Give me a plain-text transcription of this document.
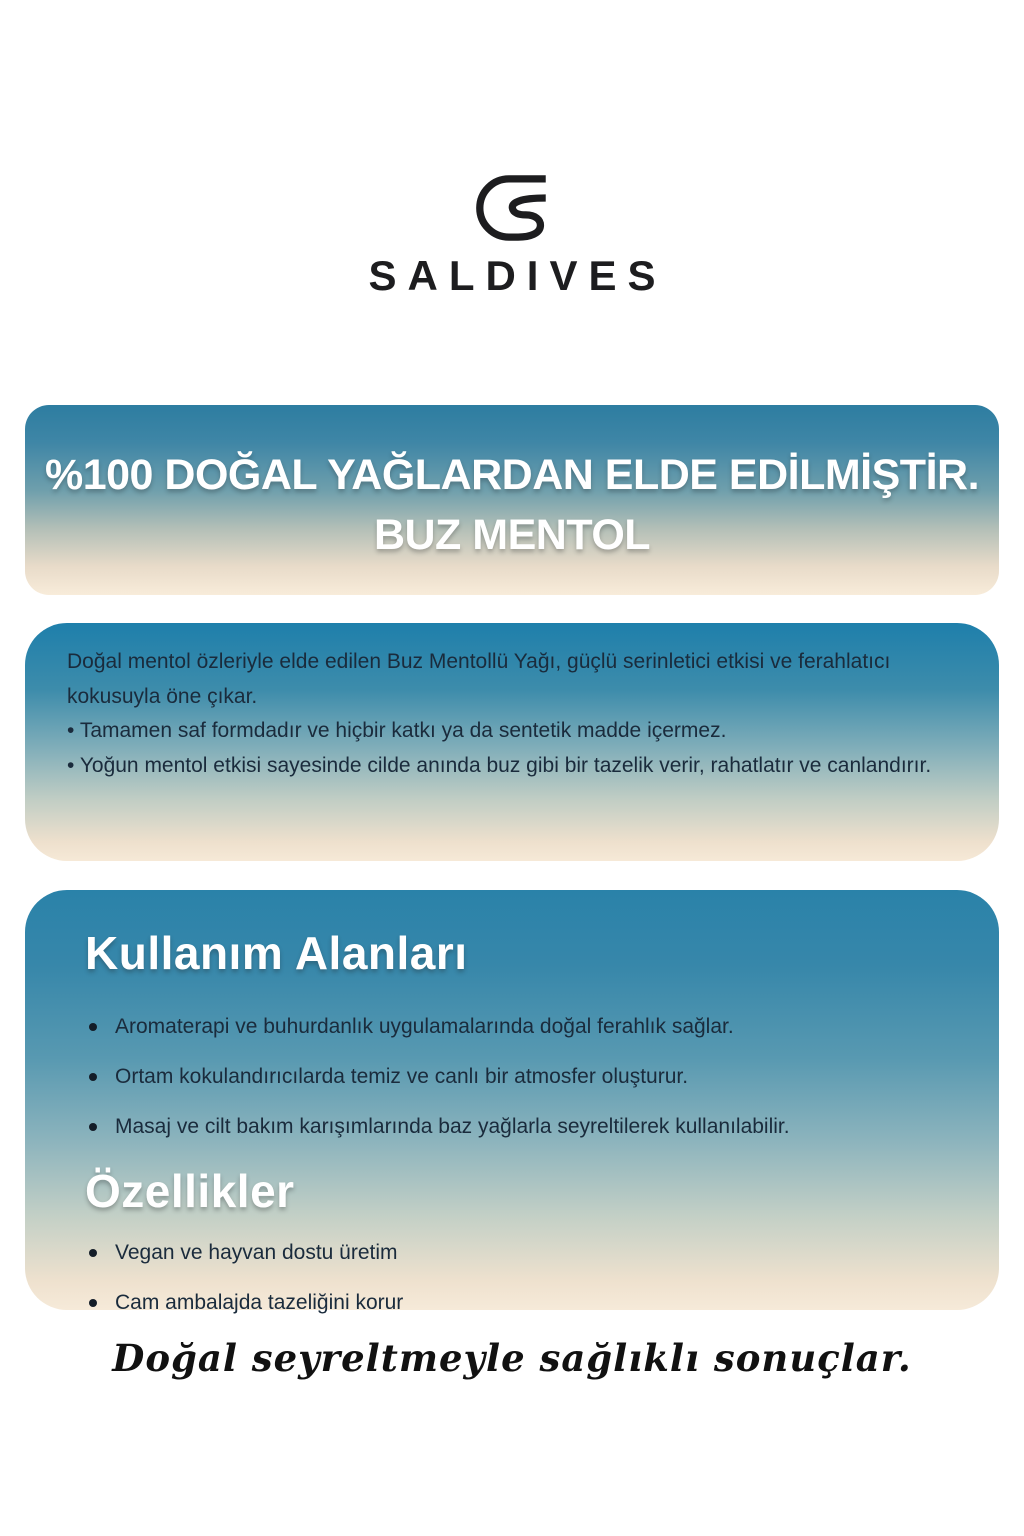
SALDIVES
%100 DOĞAL YAĞLARDAN ELDE EDİLMİŞTİR.
BUZ MENTOL

Doğal mentol özleriyle elde edilen Buz Mentollü Yağı, güçlü serinletici etkisi ve ferahlatıcı kokusuyla öne çıkar.

• Tamamen saf formdadır ve hiçbir katkı ya da sentetik madde içermez.

• Yoğun mentol etkisi sayesinde cilde anında buz gibi bir tazelik verir, rahatlatır ve canlandırır.

Kullanım Alanları
Aromaterapi ve buhurdanlık uygulamalarında doğal ferahlık sağlar.
Ortam kokulandırıcılarda temiz ve canlı bir atmosfer oluşturur.
Masaj ve cilt bakım karışımlarında baz yağlarla seyreltilerek kullanılabilir.
Özellikler
Vegan ve hayvan dostu üretim
Cam ambalajda tazeliğini korur
Doğal seyreltmeyle sağlıklı sonuçlar.
